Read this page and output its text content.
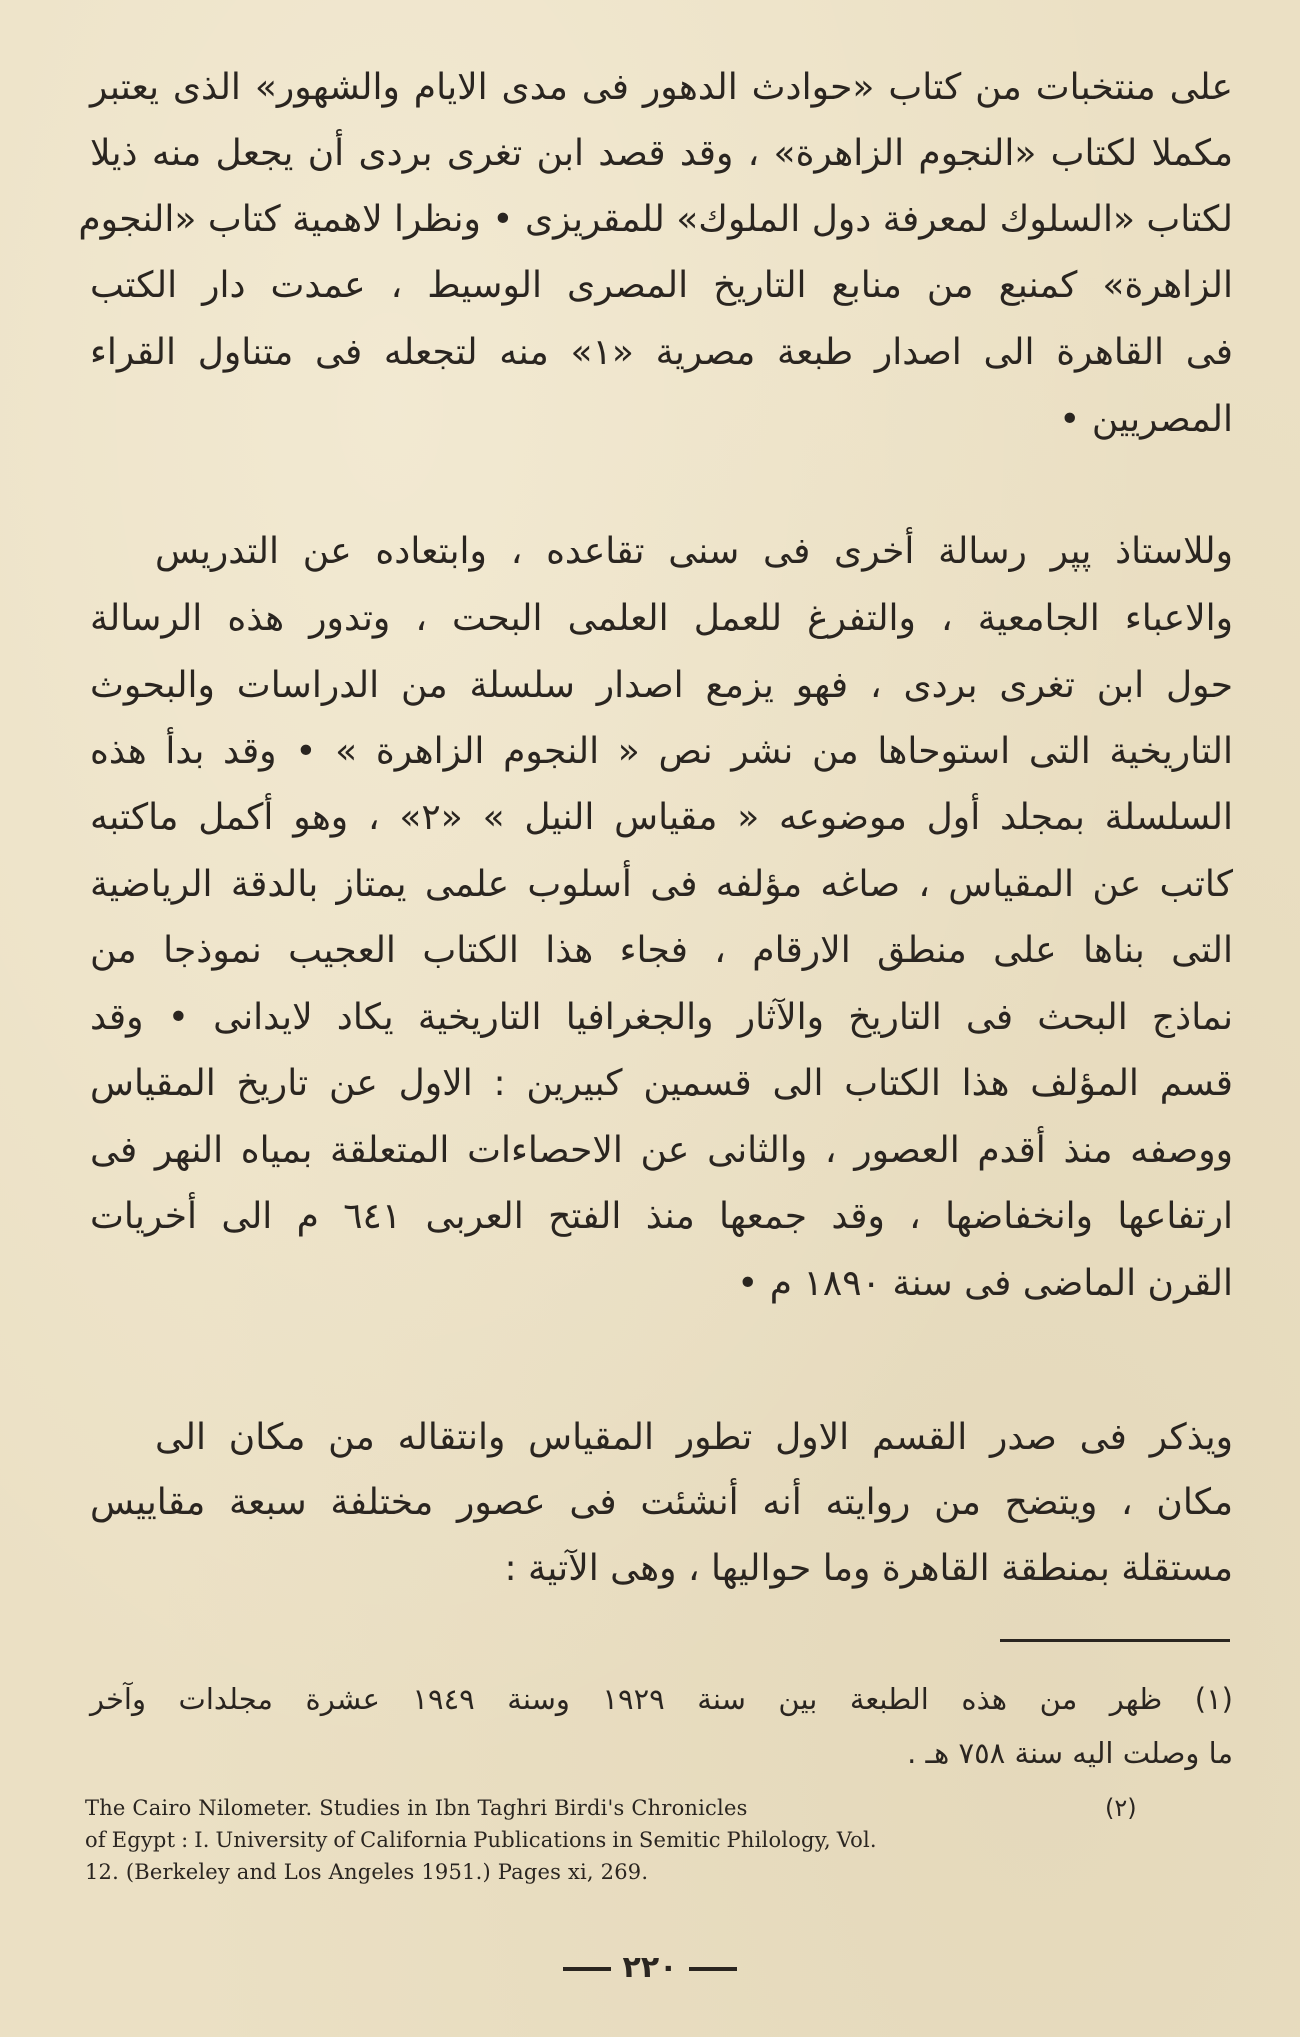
على منتخبات من كتاب «حوادث الدهور فى مدى الايام والشهور» الذى يعتبر
مكملا لكتاب «النجوم الزاهرة» ، وقد قصد ابن تغرى بردى أن يجعل منه ذيلا
لكتاب «السلوك لمعرفة دول الملوك» للمقريزى • ونظرا لاهمية كتاب «النجوم
الزاهرة» كمنبع من منابع التاريخ المصرى الوسيط ، عمدت دار الكتب
فى القاهرة الى اصدار طبعة مصرية «١» منه لتجعله فى متناول القراء
المصريين •
وللاستاذ پپر رسالة أخرى فى سنى تقاعده ، وابتعاده عن التدريس
والاعباء الجامعية ، والتفرغ للعمل العلمى البحت ، وتدور هذه الرسالة
حول ابن تغرى بردى ، فهو يزمع اصدار سلسلة من الدراسات والبحوث
التاريخية التى استوحاها من نشر نص « النجوم الزاهرة » • وقد بدأ هذه
السلسلة بمجلد أول موضوعه « مقياس النيل » «٢» ، وهو أكمل ماكتبه
كاتب عن المقياس ، صاغه مؤلفه فى أسلوب علمى يمتاز بالدقة الرياضية
التى بناها على منطق الارقام ، فجاء هذا الكتاب العجيب نموذجا من
نماذج البحث فى التاريخ والآثار والجغرافيا التاريخية يكاد لايدانى • وقد
قسم المؤلف هذا الكتاب الى قسمين كبيرين : الاول عن تاريخ المقياس
ووصفه منذ أقدم العصور ، والثانى عن الاحصاءات المتعلقة بمياه النهر فى
ارتفاعها وانخفاضها ، وقد جمعها منذ الفتح العربى ٦٤١ م الى أخريات
القرن الماضى فى سنة ١٨٩٠ م •
ويذكر فى صدر القسم الاول تطور المقياس وانتقاله من مكان الى
مكان ، ويتضح من روايته أنه أنشئت فى عصور مختلفة سبعة مقاييس
مستقلة بمنطقة القاهرة وما حواليها ، وهى الآتية :
(١) ظهر من هذه الطبعة بين سنة ١٩٢٩ وسنة ١٩٤٩ عشرة مجلدات وآخر
ما وصلت اليه سنة ٧٥٨ هـ .
(٢)
The Cairo Nilometer. Studies in Ibn Taghri Birdi's Chronicles
of Egypt : I. University of California Publications in Semitic Philology, Vol.
12. (Berkeley and Los Angeles 1951.) Pages xi, 269.
٢٢٠
